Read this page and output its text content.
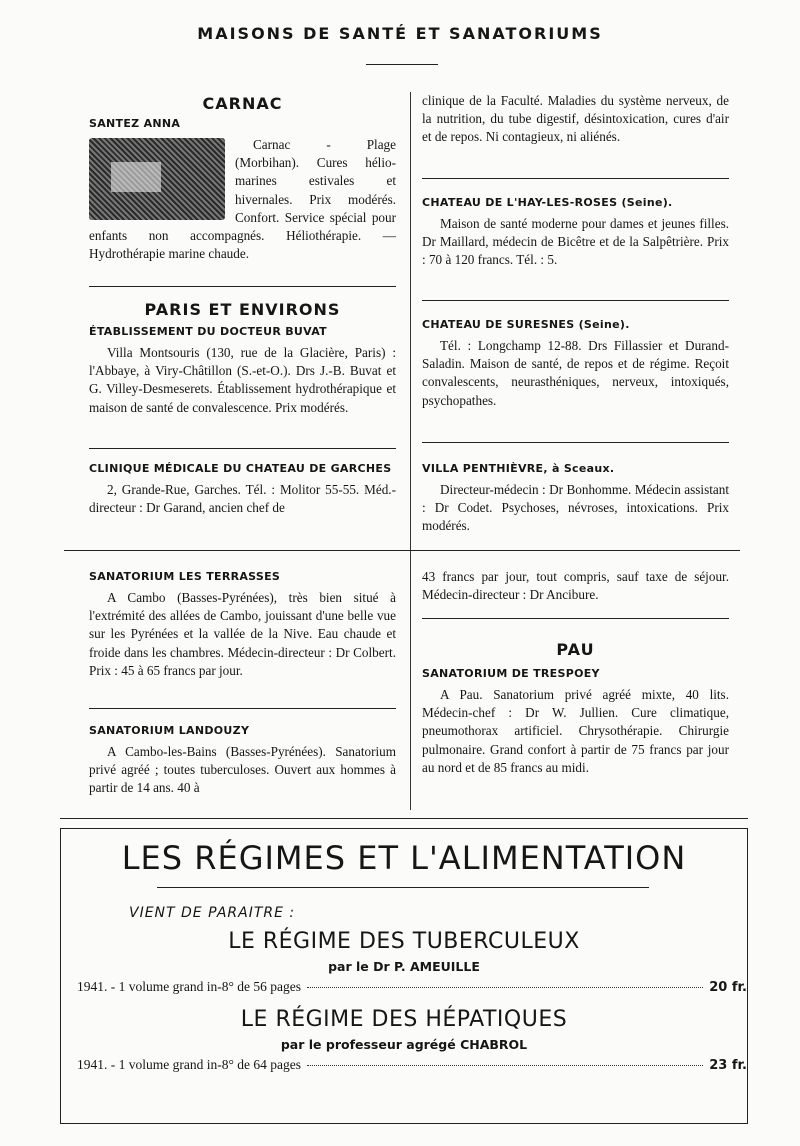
MAISONS DE SANTÉ ET SANATORIUMS
CARNAC

SANTEZ ANNA

Carnac - Plage (Morbihan). Cures hélio-marines estivales et hivernales. Prix modérés. Confort. Service spécial pour enfants non accompagnés. Héliothérapie. — Hydrothérapie marine chaude.

PARIS ET ENVIRONS

ÉTABLISSEMENT DU DOCTEUR BUVAT

Villa Montsouris (130, rue de la Glacière, Paris) : l'Abbaye, à Viry-Châtillon (S.-et-O.). Drs J.-B. Buvat et G. Villey-Desmeserets. Établissement hydrothérapique et maison de santé de convalescence. Prix modérés.

CLINIQUE MÉDICALE DU CHATEAU DE GARCHES

2, Grande-Rue, Garches. Tél. : Molitor 55-55. Méd.-directeur : Dr Garand, ancien chef de

clinique de la Faculté. Maladies du système nerveux, de la nutrition, du tube digestif, désintoxication, cures d'air et de repos. Ni contagieux, ni aliénés.

CHATEAU DE L'HAY-LES-ROSES (Seine).

Maison de santé moderne pour dames et jeunes filles. Dr Maillard, médecin de Bicêtre et de la Salpêtrière. Prix : 70 à 120 francs. Tél. : 5.

CHATEAU DE SURESNES (Seine).

Tél. : Longchamp 12-88. Drs Fillassier et Durand-Saladin. Maison de santé, de repos et de régime. Reçoit convalescents, neurasthéniques, nerveux, intoxiqués, psychopathes.

VILLA PENTHIÈVRE, à Sceaux.

Directeur-médecin : Dr Bonhomme. Médecin assistant : Dr Codet. Psychoses, névroses, intoxications. Prix modérés.

SANATORIUM LES TERRASSES

A Cambo (Basses-Pyrénées), très bien situé à l'extrémité des allées de Cambo, jouissant d'une belle vue sur les Pyrénées et la vallée de la Nive. Eau chaude et froide dans les chambres. Médecin-directeur : Dr Colbert. Prix : 45 à 65 francs par jour.

SANATORIUM LANDOUZY

A Cambo-les-Bains (Basses-Pyrénées). Sanatorium privé agréé ; toutes tuberculoses. Ouvert aux hommes à partir de 14 ans. 40 à

43 francs par jour, tout compris, sauf taxe de séjour. Médecin-directeur : Dr Ancibure.

PAU

SANATORIUM DE TRESPOEY

A Pau. Sanatorium privé agréé mixte, 40 lits. Médecin-chef : Dr W. Jullien. Cure climatique, pneumothorax artificiel. Chrysothérapie. Chirurgie pulmonaire. Grand confort à partir de 75 francs par jour au nord et de 85 francs au midi.

LES RÉGIMES ET L'ALIMENTATION
VIENT DE PARAITRE :
LE RÉGIME DES TUBERCULEUX
par le Dr P. AMEUILLE
1941. - 1 volume grand in-8° de 56 pages	20 fr.
LE RÉGIME DES HÉPATIQUES
par le professeur agrégé CHABROL
1941. - 1 volume grand in-8° de 64 pages	23 fr.
